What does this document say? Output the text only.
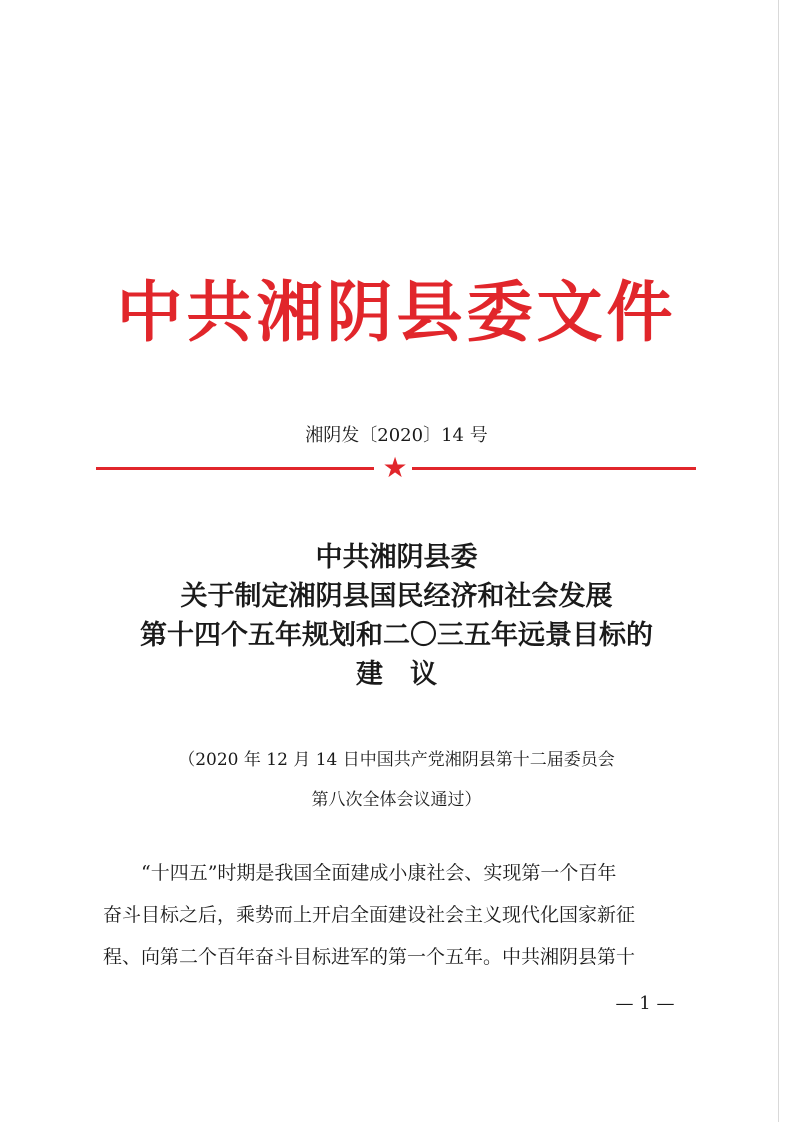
中共湘阴县委文件
湘阴发〔2020〕14 号
★
中共湘阴县委
关于制定湘阴县国民经济和社会发展
第十四个五年规划和二〇三五年远景目标的
建　议
（2020 年 12 月 14 日中国共产党湘阴县第十二届委员会
第八次全体会议通过）
“十四五”时期是我国全面建成小康社会、实现第一个百年
奋斗目标之后，乘势而上开启全面建设社会主义现代化国家新征
程、向第二个百年奋斗目标进军的第一个五年。中共湘阴县第十
— 1 —
